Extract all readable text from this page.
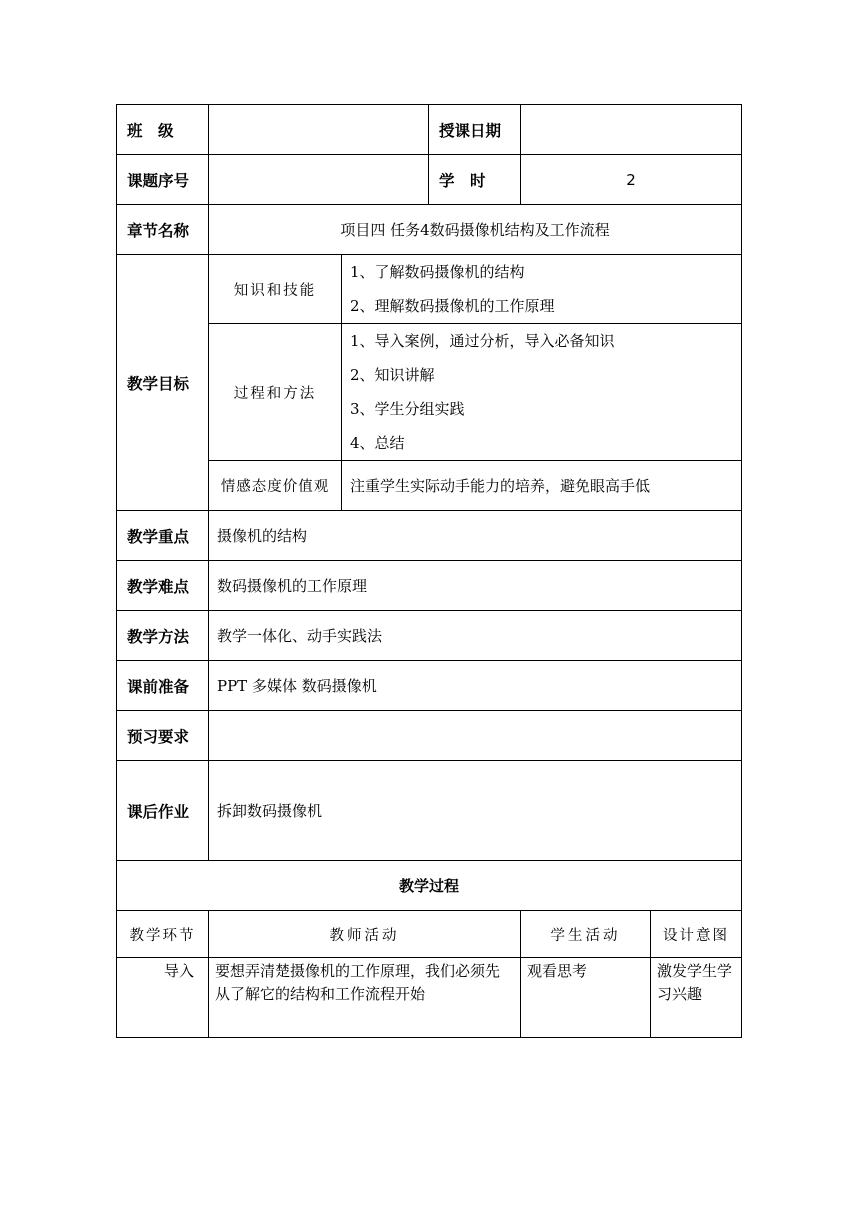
班　级			授课日期		
课题序号			学　时	2	
章节名称	项目四 任务4数码摄像机结构及工作流程				
教学目标	知识和技能	1、了解数码摄像机的结构
2、理解数码摄像机的工作原理			

	过程和方法	1、导入案例，通过分析，导入必备知识
2、知识讲解
3、学生分组实践
4、总结			

	情感态度价值观	注重学生实际动手能力的培养，避免眼高手低			
教学重点	摄像机的结构				
教学难点	数码摄像机的工作原理				
教学方法	教学一体化、动手实践法				
课前准备	PPT 多媒体 数码摄像机				
预习要求					
课后作业	拆卸数码摄像机				
教学过程					
教学环节	教师活动			学生活动	设计意图
导入	要想弄清楚摄像机的工作原理，我们必须先从了解它的结构和工作流程开始			观看思考	激发学生学习兴趣
